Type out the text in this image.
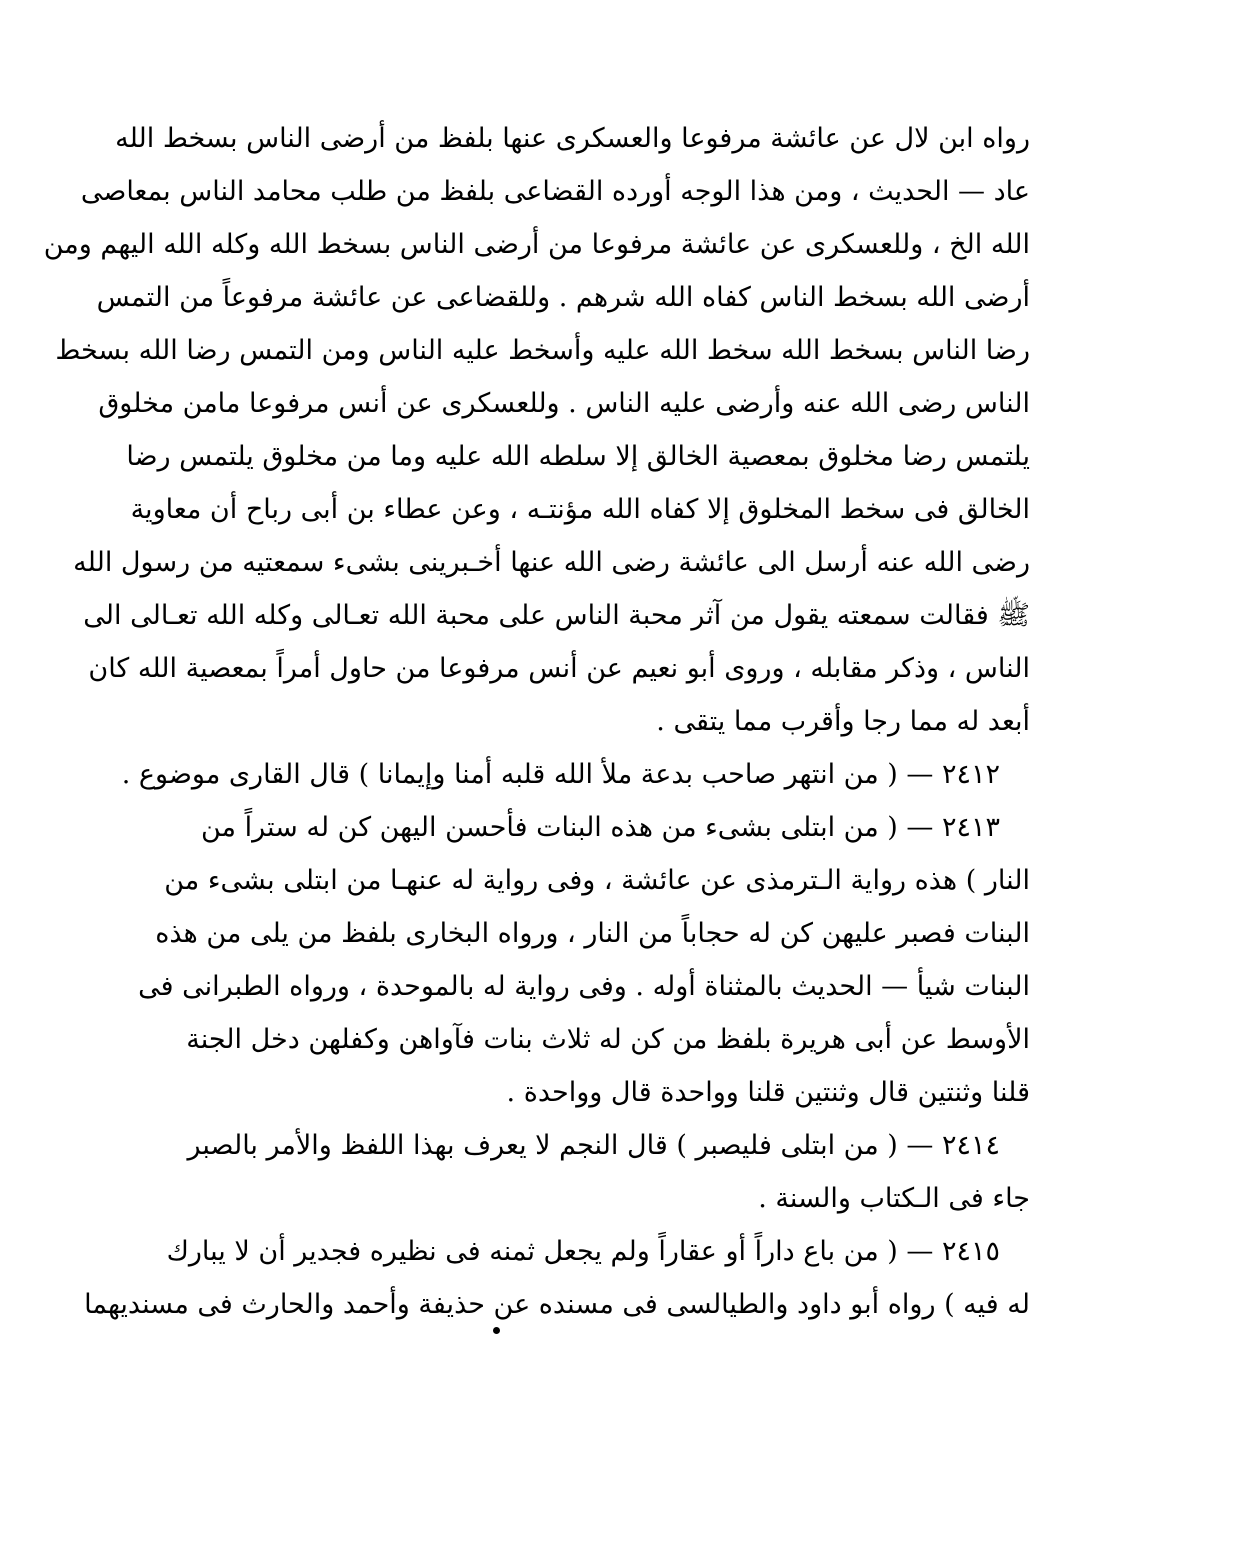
رواه ابن لال عن عائشة مرفوعا والعسكرى عنها بلفظ من أرضى الناس بسخط الله
عاد — الحديث ، ومن هذا الوجه أورده القضاعى بلفظ من طلب محامد الناس بمعاصى
الله الخ ، وللعسكرى عن عائشة مرفوعا من أرضى الناس بسخط الله وكله الله اليهم ومن
أرضى الله بسخط الناس كفاه الله شرهم . وللقضاعى عن عائشة مرفوعاً من التمس
رضا الناس بسخط الله سخط الله عليه وأسخط عليه الناس ومن التمس رضا الله بسخط
الناس رضى الله عنه وأرضى عليه الناس . وللعسكرى عن أنس مرفوعا مامن مخلوق
يلتمس رضا مخلوق بمعصية الخالق إلا سلطه الله عليه وما من مخلوق يلتمس رضا
الخالق فى سخط المخلوق إلا كفاه الله مؤنتـه ، وعن عطاء بن أبى رباح أن معاوية
رضى الله عنه أرسل الى عائشة رضى الله عنها أخـبرينى بشىء سمعتيه من رسول الله
ﷺ فقالت سمعته يقول من آثر محبة الناس على محبة الله تعـالى وكله الله تعـالى الى
الناس ، وذكر مقابله ، وروى أبو نعيم عن أنس مرفوعا من حاول أمراً بمعصية الله كان
أبعد له مما رجا وأقرب مما يتقى .
٢٤١٢ — ( من انتهر صاحب بدعة ملأ الله قلبه أمنا وإيمانا ) قال القارى موضوع .
٢٤١٣ — ( من ابتلى بشىء من هذه البنات فأحسن اليهن كن له ستراً من
النار ) هذه رواية الـترمذى عن عائشة ، وفى رواية له عنهـا من ابتلى بشىء من
البنات فصبر عليهن كن له حجاباً من النار ، ورواه البخارى بلفظ من يلى من هذه
البنات شيأ — الحديث بالمثناة أوله . وفى رواية له بالموحدة ، ورواه الطبرانى فى
الأوسط عن أبى هريرة بلفظ من كن له ثلاث بنات فآواهن وكفلهن دخل الجنة
قلنا وثنتين قال وثنتين قلنا وواحدة قال وواحدة .
٢٤١٤ — ( من ابتلى فليصبر ) قال النجم لا يعرف بهذا اللفظ والأمر بالصبر
جاء فى الـكتاب والسنة .
٢٤١٥ — ( من باع داراً أو عقاراً ولم يجعل ثمنه فى نظيره فجدير أن لا يبارك
له فيه ) رواه أبو داود والطيالسى فى مسنده عن حذيفة وأحمد والحارث فى مسنديهما
